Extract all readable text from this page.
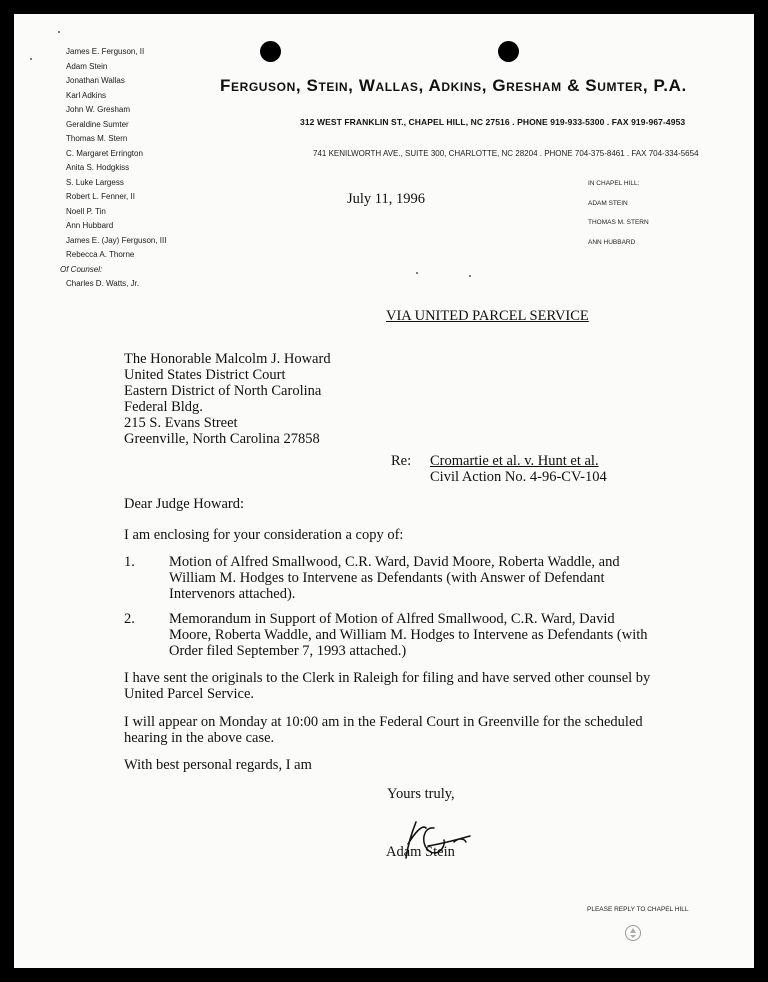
James E. Ferguson, II
Adam Stein
Jonathan Wallas
Karl Adkins
John W. Gresham
Geraldine Sumter
Thomas M. Stern
C. Margaret Errington
Anita S. Hodgkiss
S. Luke Largess
Robert L. Fenner, II
Noell P. Tin
Ann Hubbard
James E. (Jay) Ferguson, III
Rebecca A. Thorne
Of Counsel:
Charles D. Watts, Jr.
Ferguson, Stein, Wallas, Adkins, Gresham & Sumter, P.A.
312 WEST FRANKLIN ST., CHAPEL HILL, NC 27516 . PHONE 919-933-5300 . FAX 919-967-4953
741 KENILWORTH AVE., SUITE 300, CHARLOTTE, NC 28204 . PHONE 704-375-8461 . FAX 704-334-5654
IN CHAPEL HILL:
ADAM STEIN
THOMAS M. STERN
ANN HUBBARD
July 11, 1996
VIA UNITED PARCEL SERVICE
The Honorable Malcolm J. Howard
United States District Court
Eastern District of North Carolina
Federal Bldg.
215 S. Evans Street
Greenville, North Carolina 27858
Re: Cromartie et al. v. Hunt et al.
Civil Action No. 4-96-CV-104
Dear Judge Howard:
I am enclosing for your consideration a copy of:
1. Motion of Alfred Smallwood, C.R. Ward, David Moore, Roberta Waddle, and William M. Hodges to Intervene as Defendants (with Answer of Defendant Intervenors attached).
2. Memorandum in Support of Motion of Alfred Smallwood, C.R. Ward, David Moore, Roberta Waddle, and William M. Hodges to Intervene as Defendants (with Order filed September 7, 1993 attached.)
I have sent the originals to the Clerk in Raleigh for filing and have served other counsel by United Parcel Service.
I will appear on Monday at 10:00 am in the Federal Court in Greenville for the scheduled hearing in the above case.
With best personal regards, I am
Yours truly,
Adam Stein
PLEASE REPLY TO CHAPEL HILL
